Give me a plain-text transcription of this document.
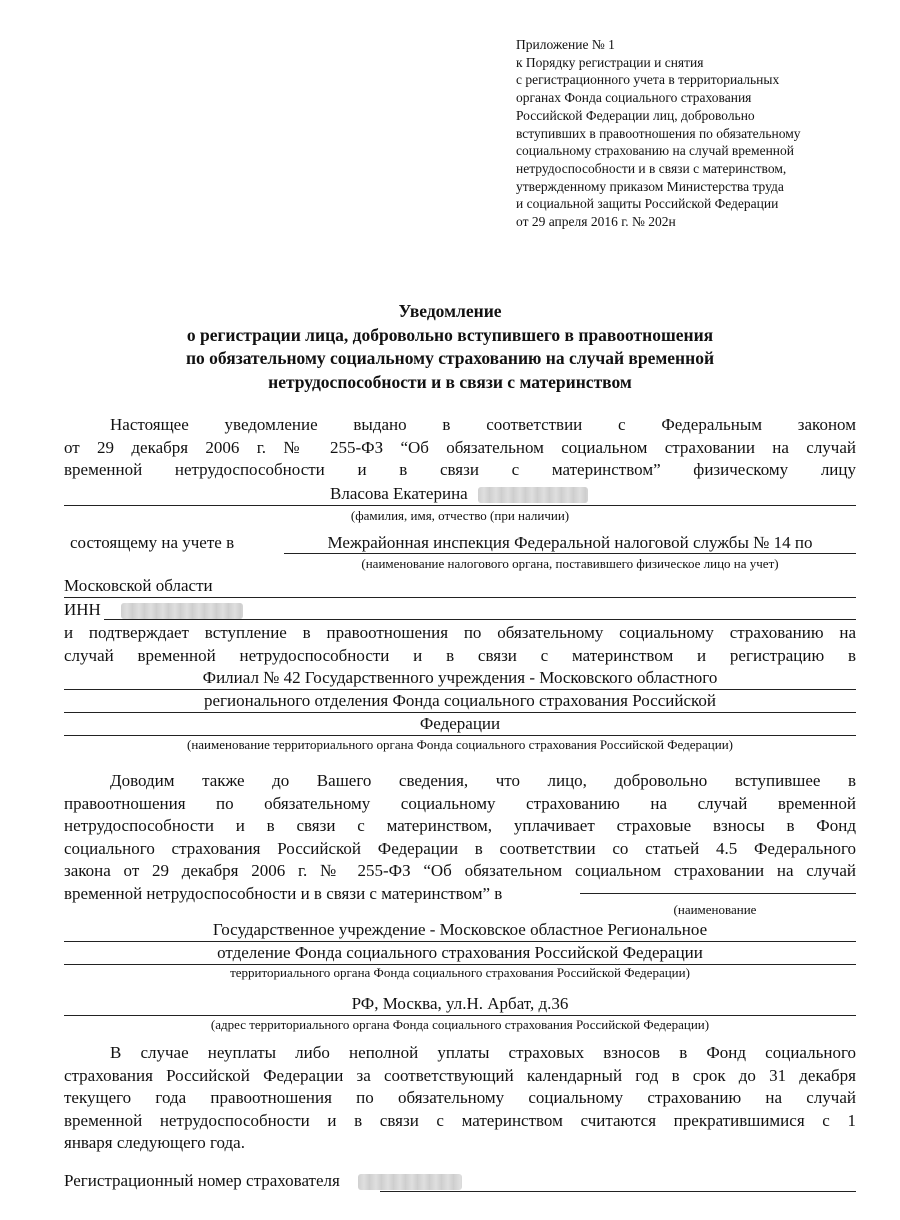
Приложение № 1
к Порядку регистрации и снятия
с регистрационного учета в территориальных
органах Фонда социального страхования
Российской Федерации лиц, добровольно
вступивших в правоотношения по обязательному
социальному страхованию на случай временной
нетрудоспособности и в связи с материнством,
утвержденному приказом Министерства труда
и социальной защиты Российской Федерации
от 29 апреля 2016 г. № 202н
Уведомление
о регистрации лица, добровольно вступившего в правоотношения
по обязательному социальному страхованию на случай временной
нетрудоспособности и в связи с материнством
Настоящее уведомление выдано в соответствии с Федеральным законом
от 29 декабря 2006 г. № 255-ФЗ “Об обязательном социальном страховании на случай
временной нетрудоспособности и в связи с материнством” физическому лицу
Власова Екатерина
(фамилия, имя, отчество (при наличии)
состоящему на учете в	Межрайонная инспекция Федеральной налоговой службы № 14 по
(наименование налогового органа, поставившего физическое лицо на учет)
Московской области
ИНН
и подтверждает вступление в правоотношения по обязательному социальному страхованию на
случай временной нетрудоспособности и в связи с материнством и регистрацию в
Филиал № 42 Государственного учреждения - Московского областного
регионального отделения Фонда социального страхования Российской
Федерации
(наименование территориального органа Фонда социального страхования Российской Федерации)
Доводим также до Вашего сведения, что лицо, добровольно вступившее в
правоотношения по обязательному социальному страхованию на случай временной
нетрудоспособности и в связи с материнством, уплачивает страховые взносы в Фонд
социального страхования Российской Федерации в соответствии со статьей 4.5 Федерального
закона от 29 декабря 2006 г. № 255-ФЗ “Об обязательном социальном страховании на случай
временной нетрудоспособности и в связи с материнством” в
(наименование
Государственное учреждение - Московское областное Региональное
отделение Фонда социального страхования Российской Федерации
территориального органа Фонда социального страхования Российской Федерации)
РФ, Москва, ул.Н. Арбат, д.36
(адрес территориального органа Фонда социального страхования Российской Федерации)
В случае неуплаты либо неполной уплаты страховых взносов в Фонд социального
страхования Российской Федерации за соответствующий календарный год в срок до 31 декабря
текущего года правоотношения по обязательному социальному страхованию на случай
временной нетрудоспособности и в связи с материнством считаются прекратившимися с 1
января следующего года.
Регистрационный номер страхователя
